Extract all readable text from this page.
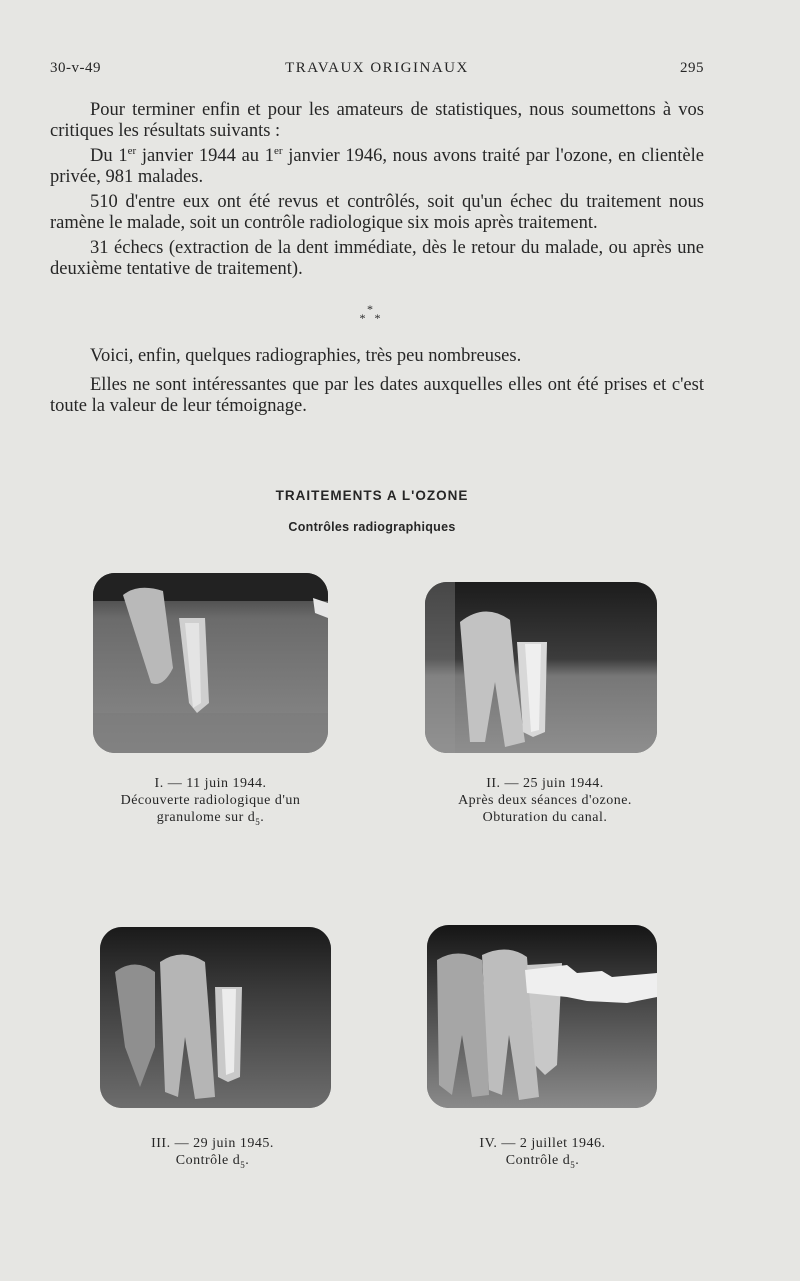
30-v-49	TRAVAUX ORIGINAUX	295

Pour terminer enfin et pour les amateurs de statistiques, nous soumettons à vos critiques les résultats suivants :

Du 1er janvier 1944 au 1er janvier 1946, nous avons traité par l'ozone, en clientèle privée, 981 malades.

510 d'entre eux ont été revus et contrôlés, soit qu'un échec du traitement nous ramène le malade, soit un contrôle radiologique six mois après traitement.

31 échecs (extraction de la dent immédiate, dès le retour du malade, ou après une deuxième tentative de traitement).

*
* *

Voici, enfin, quelques radiographies, très peu nombreuses.

Elles ne sont intéressantes que par les dates auxquelles elles ont été prises et c'est toute la valeur de leur témoignage.

TRAITEMENTS A L'OZONE
Contrôles radiographiques
I. — 11 juin 1944.
Découverte radiologique d'un
granulome sur $d_5$.
II. — 25 juin 1944.
Après deux séances d'ozone.
Obturation du canal.
III. — 29 juin 1945.
Contrôle $d_5$.
IV. — 2 juillet 1946.
Contrôle $d_5$.
